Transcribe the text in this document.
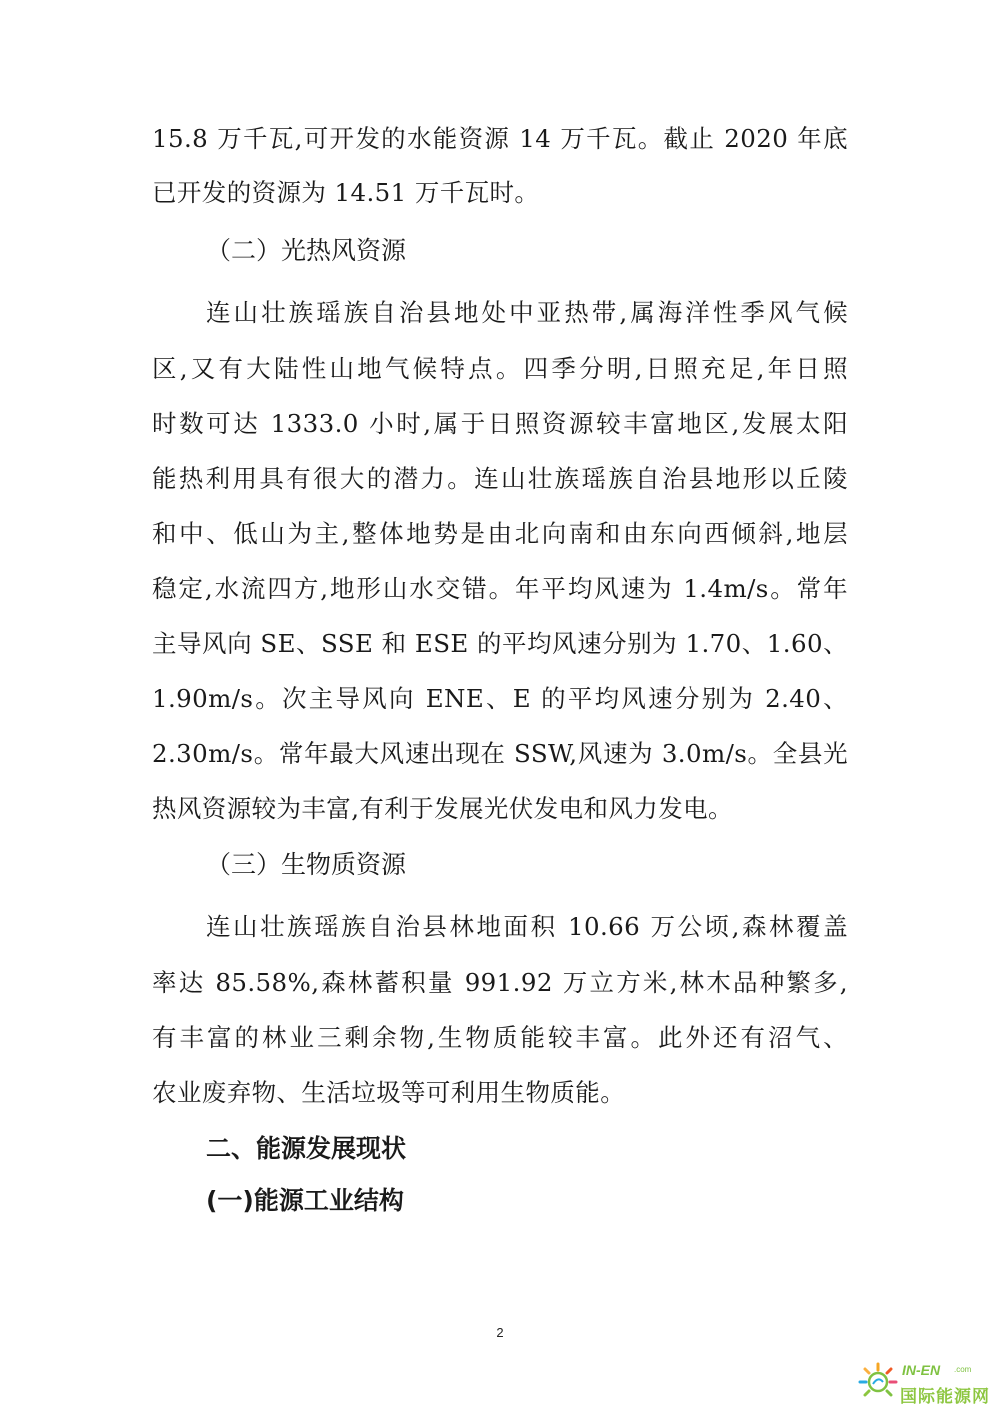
15.8 万千瓦,可开发的水能资源 14 万千瓦。截止 2020 年底
已开发的资源为 14.51 万千瓦时。
（二）光热风资源
连山壮族瑶族自治县地处中亚热带,属海洋性季风气候
区,又有大陆性山地气候特点。四季分明,日照充足,年日照
时数可达 1333.0 小时,属于日照资源较丰富地区,发展太阳
能热利用具有很大的潜力。连山壮族瑶族自治县地形以丘陵
和中、低山为主,整体地势是由北向南和由东向西倾斜,地层
稳定,水流四方,地形山水交错。年平均风速为 1.4m/s。常年
主导风向 SE、SSE 和 ESE 的平均风速分别为 1.70、1.60、
1.90m/s。次主导风向 ENE、E 的平均风速分别为 2.40、
2.30m/s。常年最大风速出现在 SSW,风速为 3.0m/s。全县光
热风资源较为丰富,有利于发展光伏发电和风力发电。
（三）生物质资源
连山壮族瑶族自治县林地面积 10.66 万公顷,森林覆盖
率达 85.58%,森林蓄积量 991.92 万立方米,林木品种繁多,
有丰富的林业三剩余物,生物质能较丰富。此外还有沼气、
农业废弃物、生活垃圾等可利用生物质能。
二、能源发展现状
(一)能源工业结构
2
IN-EN .com
国际能源网
